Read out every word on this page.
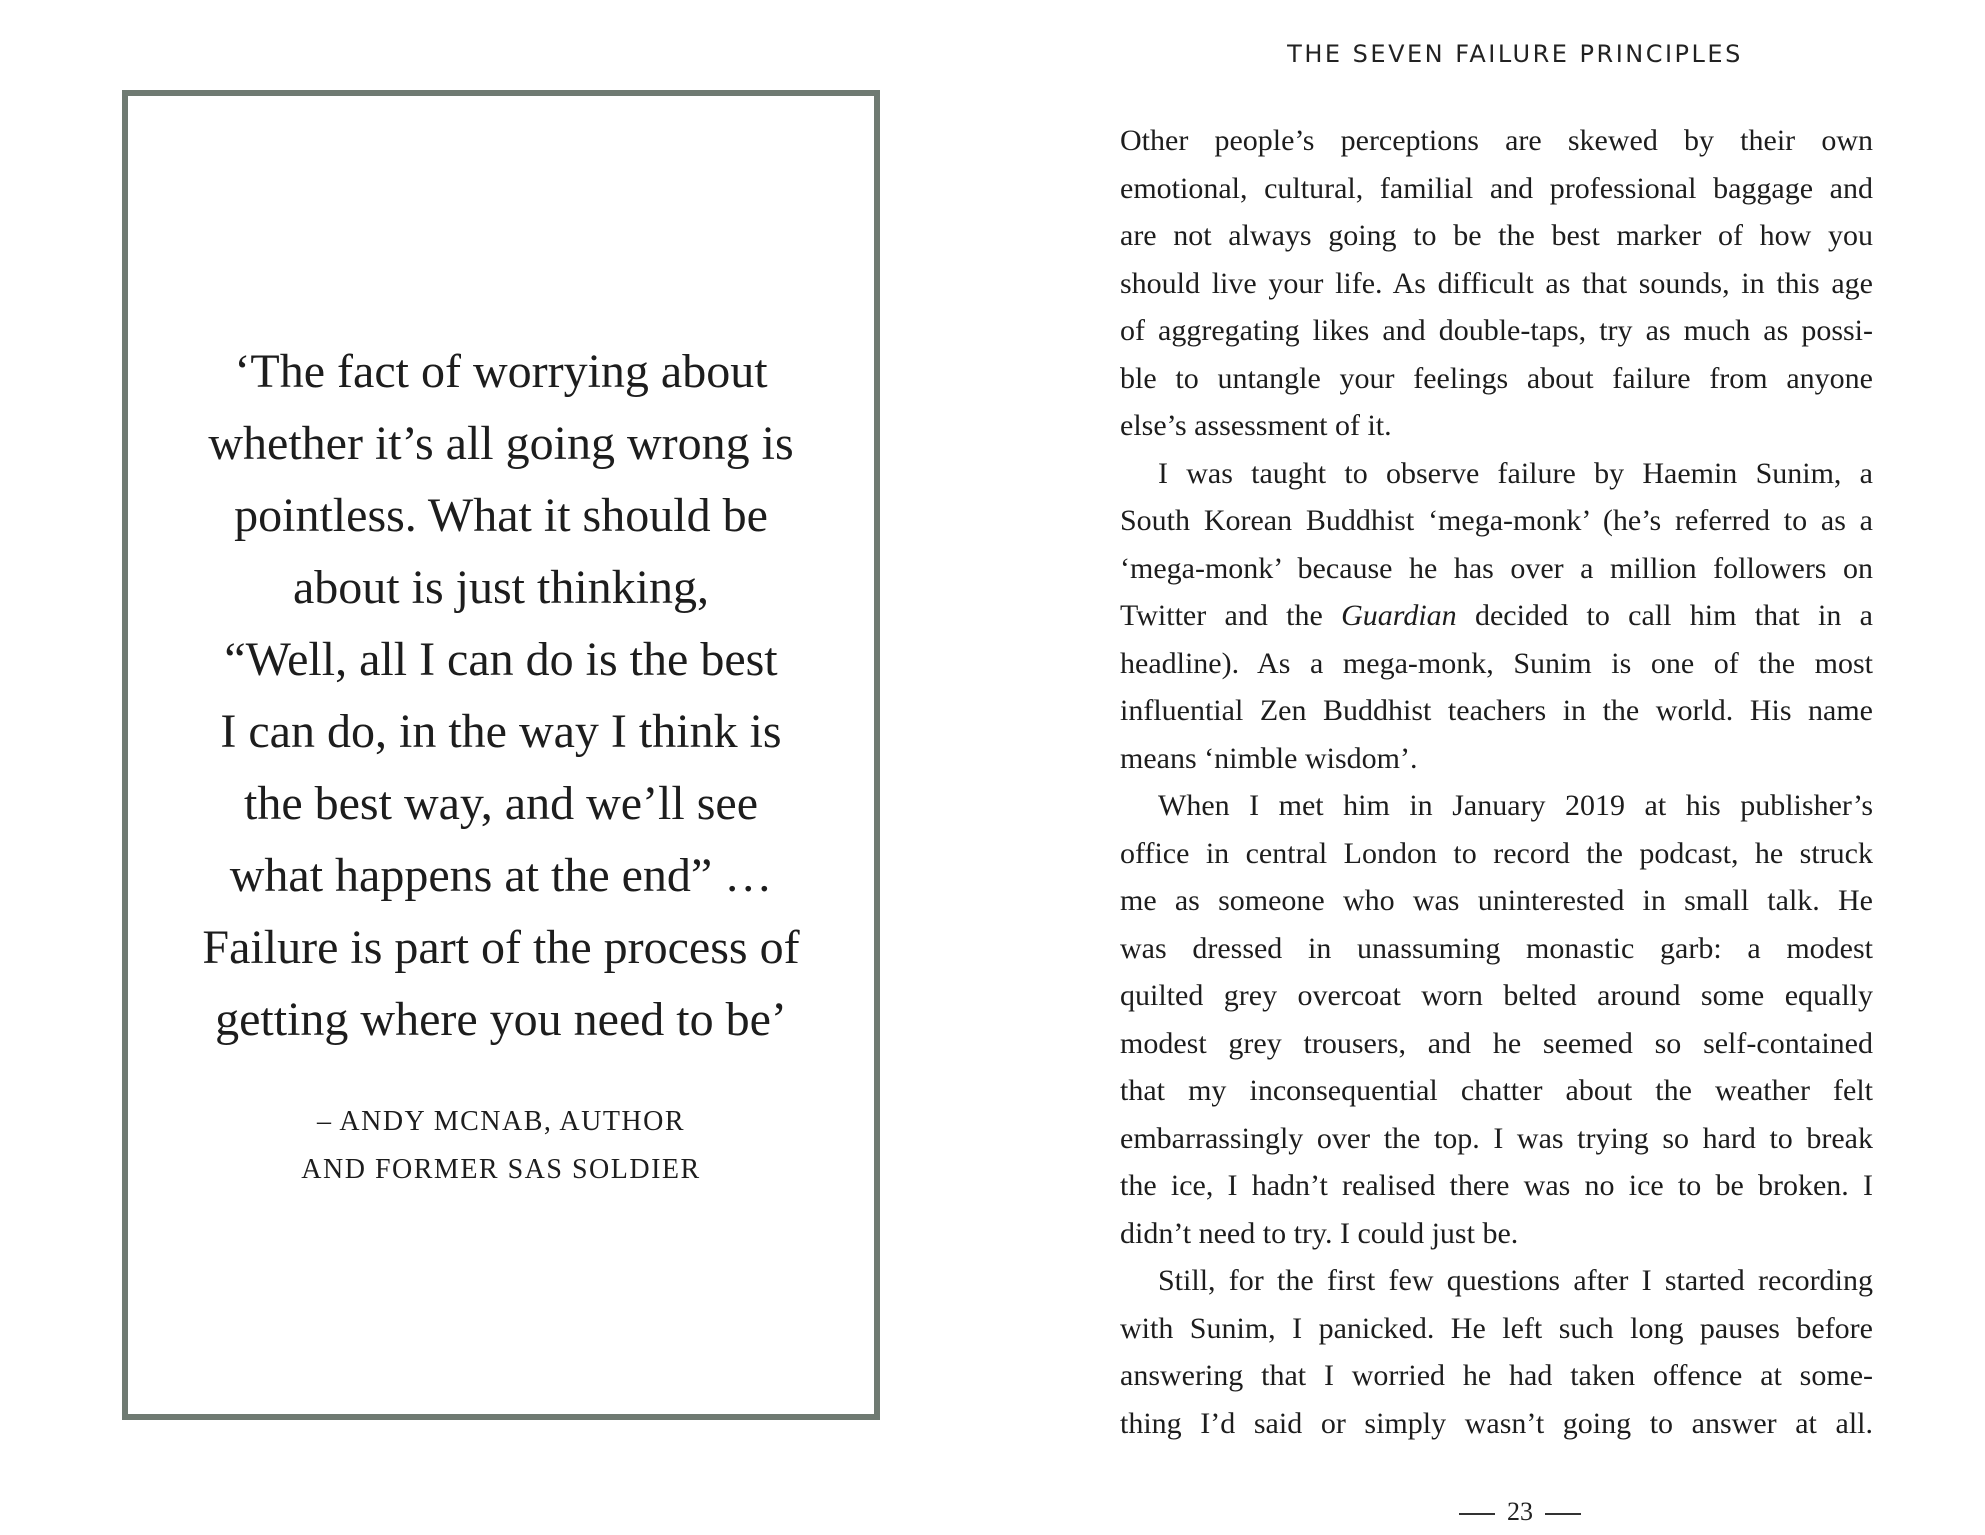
‘The fact of worrying about
whether it’s all going wrong is
pointless. What it should be
about is just thinking,
“Well, all I can do is the best
I can do, in the way I think is
the best way, and we’ll see
what happens at the end” …
Failure is part of the process of
getting where you need to be’

– ANDY MCNAB, AUTHOR
AND FORMER SAS SOLDIER
THE SEVEN FAILURE PRINCIPLES
Other people’s perceptions are skewed by their own
emotional, cultural, familial and professional baggage and
are not always going to be the best marker of how you
should live your life. As difficult as that sounds, in this age
of aggregating likes and double-taps, try as much as possi-
ble to untangle your feelings about failure from anyone
else’s assessment of it.
I was taught to observe failure by Haemin Sunim, a
South Korean Buddhist ‘mega-monk’ (he’s referred to as a
‘mega-monk’ because he has over a million followers on
Twitter and the Guardian decided to call him that in a
headline). As a mega-monk, Sunim is one of the most
influential Zen Buddhist teachers in the world. His name
means ‘nimble wisdom’.
When I met him in January 2019 at his publisher’s
office in central London to record the podcast, he struck
me as someone who was uninterested in small talk. He
was dressed in unassuming monastic garb: a modest
quilted grey overcoat worn belted around some equally
modest grey trousers, and he seemed so self-contained
that my inconsequential chatter about the weather felt
embarrassingly over the top. I was trying so hard to break
the ice, I hadn’t realised there was no ice to be broken. I
didn’t need to try. I could just be.
Still, for the first few questions after I started recording
with Sunim, I panicked. He left such long pauses before
answering that I worried he had taken offence at some-
thing I’d said or simply wasn’t going to answer at all.
23
